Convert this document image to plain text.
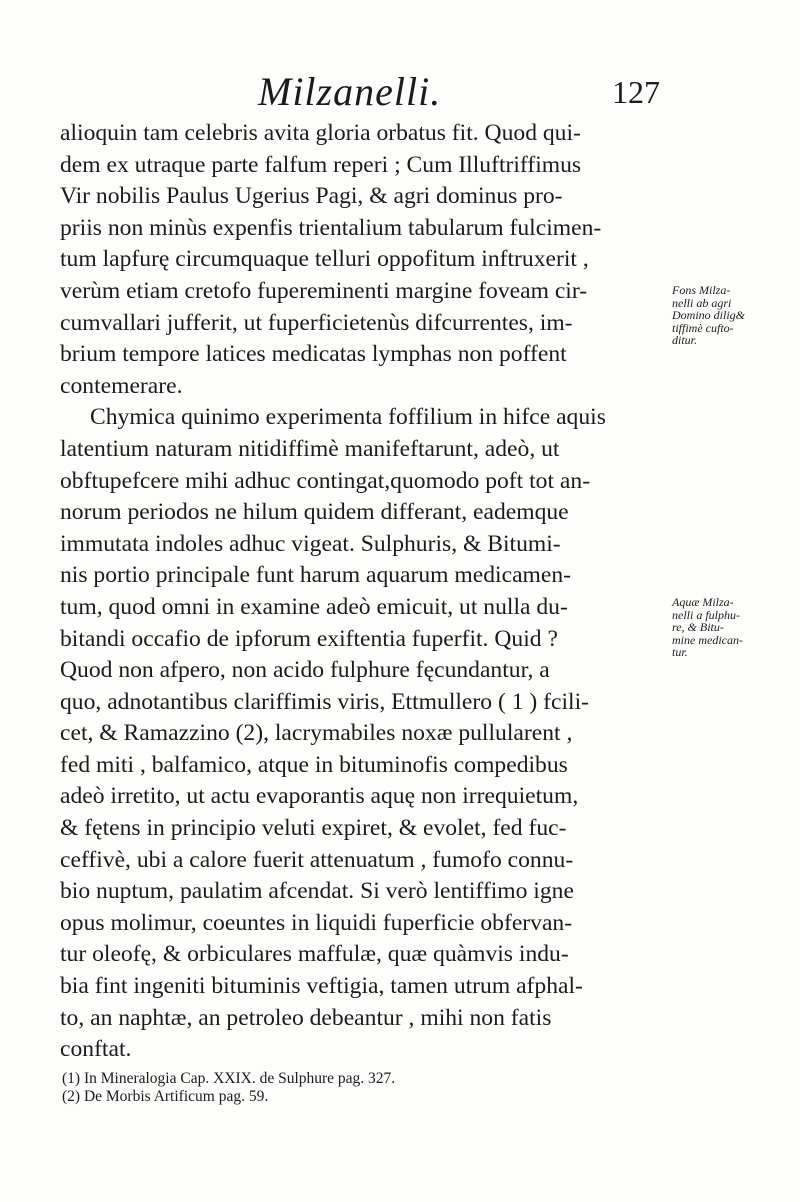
Milzanelli.	127
alioquin tam celebris avita gloria orbatus fit. Quod qui-
dem ex utraque parte falfum reperi ; Cum Illuftriffimus
Vir nobilis Paulus Ugerius Pagi, & agri dominus pro-
priis non minùs expenfis trientalium tabularum fulcimen-
tum lapfurę circumquaque telluri oppofitum inftruxerit ,
verùm etiam cretofo fupereminenti margine foveam cir-
cumvallari jufferit, ut fuperficietenùs difcurrentes, im-
brium tempore latices medicatas lymphas non poffent
contemerare.
Chymica quinimo experimenta foffilium in hifce aquis
latentium naturam nitidiffimè manifeftarunt, adeò, ut
obftupefcere mihi adhuc contingat,quomodo poft tot an-
norum periodos ne hilum quidem differant, eademque
immutata indoles adhuc vigeat. Sulphuris, & Bitumi-
nis portio principale funt harum aquarum medicamen-
tum, quod omni in examine adeò emicuit, ut nulla du-
bitandi occafio de ipforum exiftentia fuperfit. Quid ?
Quod non afpero, non acido fulphure fęcundantur, a
quo, adnotantibus clariffimis viris, Ettmullero ( 1 ) fcili-
cet, & Ramazzino (2), lacrymabiles noxæ pullularent ,
fed miti , balfamico, atque in bituminofis compedibus
adeò irretito, ut actu evaporantis aquę non irrequietum,
& fętens in principio veluti expiret, & evolet, fed fuc-
ceffivè, ubi a calore fuerit attenuatum , fumofo connu-
bio nuptum, paulatim afcendat. Si verò lentiffimo igne
opus molimur, coeuntes in liquidi fuperficie obfervan-
tur oleofę, & orbiculares maffulæ, quæ quàmvis indu-
bia fint ingeniti bituminis veftigia, tamen utrum afphal-
to, an naphtæ, an petroleo debeantur , mihi non fatis
conftat.
Fons Milza-
nelli ab agri
Domino dilig&
tiffimè cufto-
ditur.
Aquæ Milza-
nelli a fulphu-
re, & Bitu-
mine medican-
tur.
(1) In Mineralogia Cap. XXIX. de Sulphure pag. 327.
(2) De Morbis Artificum pag. 59.
